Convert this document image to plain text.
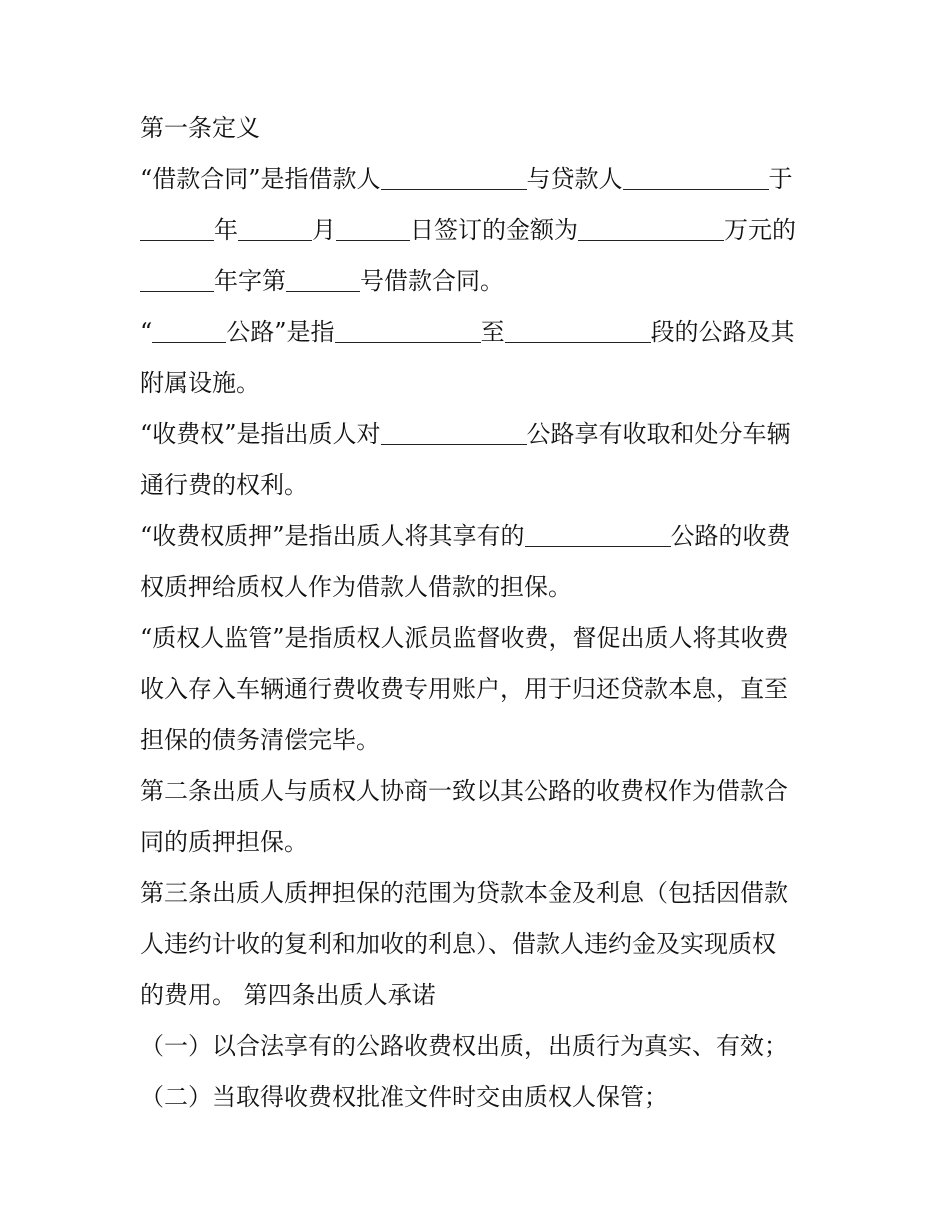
第一条定义
“借款合同”是指借款人	与贷款人	于
年	月	日签订的金额为	万元的
年字第	号借款合同。
“	公路”是指	至	段的公路及其
附属设施。
“收费权”是指出质人对	公路享有收取和处分车辆
通行费的权利。
“收费权质押”是指出质人将其享有的	公路的收费
权质押给质权人作为借款人借款的担保。
“质权人监管”是指质权人派员监督收费，督促出质人将其收费
收入存入车辆通行费收费专用账户，用于归还贷款本息，直至
担保的债务清偿完毕。
第二条出质人与质权人协商一致以其公路的收费权作为借款合
同的质押担保。
第三条出质人质押担保的范围为贷款本金及利息（包括因借款
人违约计收的复利和加收的利息）、借款人违约金及实现质权
的费用。 第四条出质人承诺
（一）以合法享有的公路收费权出质，出质行为真实、有效；
（二）当取得收费权批准文件时交由质权人保管；
